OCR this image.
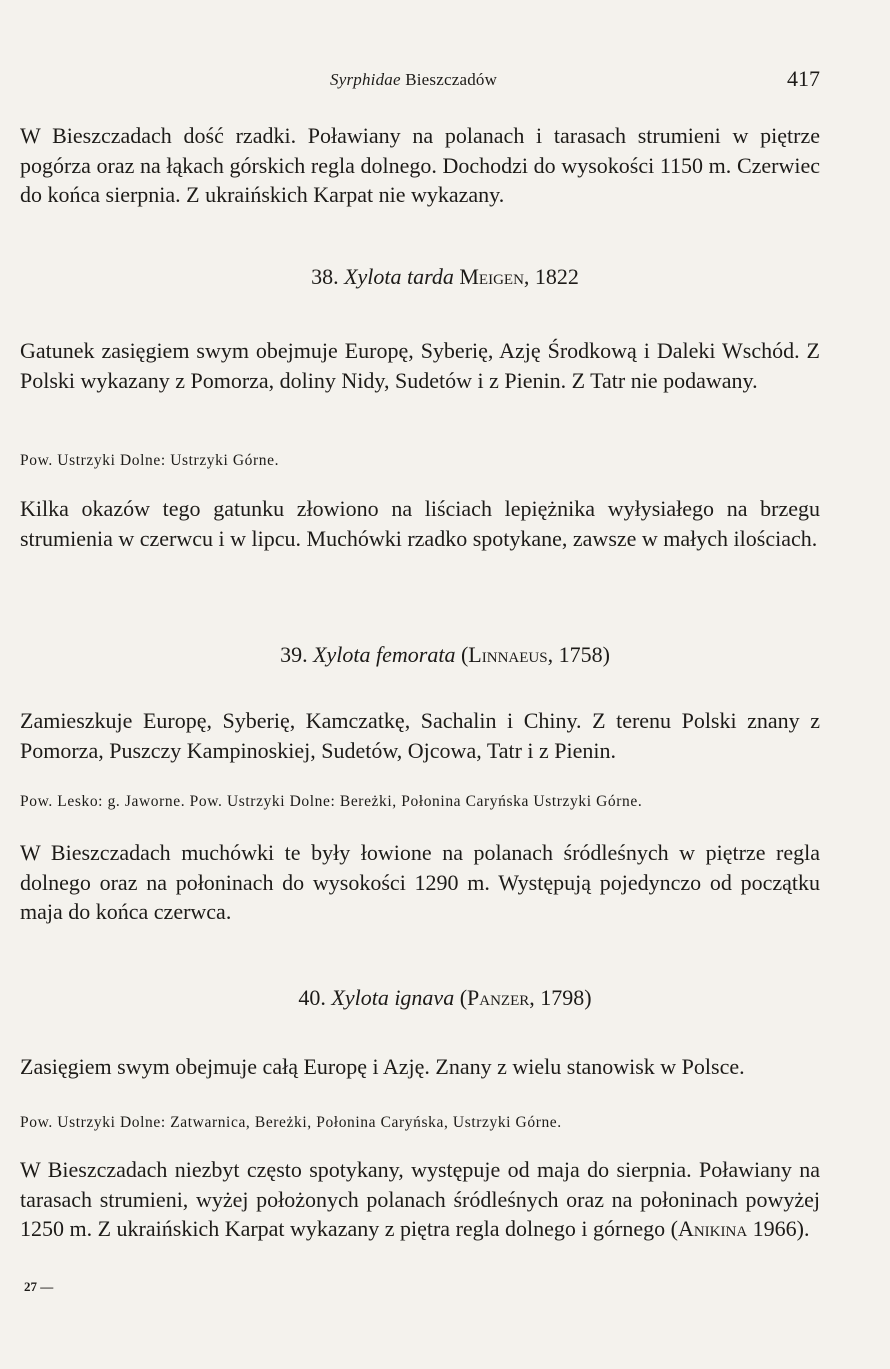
Syrphidae Bieszczadów	417

W Bieszczadach dość rzadki. Poławiany na polanach i tarasach strumieni w piętrze pogórza oraz na łąkach górskich regla dolnego. Dochodzi do wysokości 1150 m. Czerwiec do końca sierpnia. Z ukraińskich Karpat nie wykazany.

38. Xylota tarda Meigen, 1822

Gatunek zasięgiem swym obejmuje Europę, Syberię, Azję Środkową i Daleki Wschód. Z Polski wykazany z Pomorza, doliny Nidy, Sudetów i z Pienin. Z Tatr nie podawany.

Pow. Ustrzyki Dolne: Ustrzyki Górne.

Kilka okazów tego gatunku złowiono na liściach lepiężnika wyłysiałego na brzegu strumienia w czerwcu i w lipcu. Muchówki rzadko spotykane, zawsze w małych ilościach.

39. Xylota femorata (Linnaeus, 1758)

Zamieszkuje Europę, Syberię, Kamczatkę, Sachalin i Chiny. Z terenu Polski znany z Pomorza, Puszczy Kampinoskiej, Sudetów, Ojcowa, Tatr i z Pienin.

Pow. Lesko: g. Jaworne. Pow. Ustrzyki Dolne: Bereżki, Połonina Caryńska Ustrzyki Górne.

W Bieszczadach muchówki te były łowione na polanach śródleśnych w piętrze regla dolnego oraz na połoninach do wysokości 1290 m. Występują pojedynczo od początku maja do końca czerwca.

40. Xylota ignava (Panzer, 1798)

Zasięgiem swym obejmuje całą Europę i Azję. Znany z wielu stanowisk w Polsce.

Pow. Ustrzyki Dolne: Zatwarnica, Bereżki, Połonina Caryńska, Ustrzyki Górne.

W Bieszczadach niezbyt często spotykany, występuje od maja do sierpnia. Poławiany na tarasach strumieni, wyżej położonych polanach śródleśnych oraz na połoninach powyżej 1250 m. Z ukraińskich Karpat wykazany z piętra regla dolnego i górnego (Anikina 1966).

27 —
